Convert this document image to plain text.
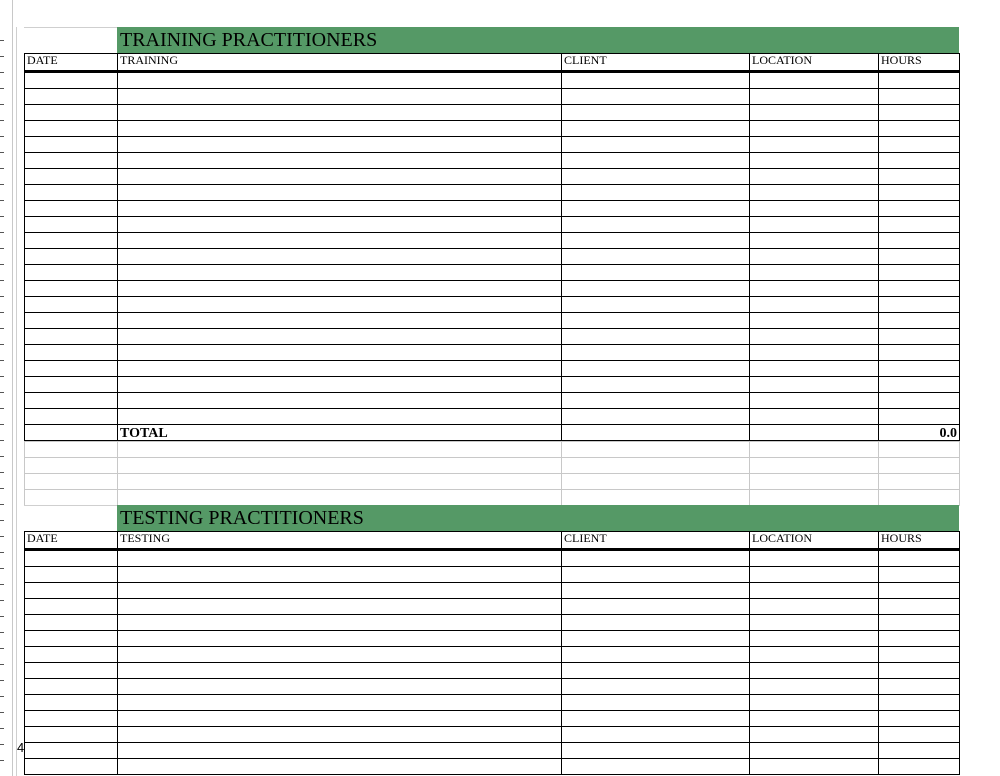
TRAINING PRACTITIONERS
DATE	TRAINING	CLIENT	LOCATION	HOURS

	TOTAL			0.0

TESTING PRACTITIONERS
DATE	TESTING	CLIENT	LOCATION	HOURS

4
